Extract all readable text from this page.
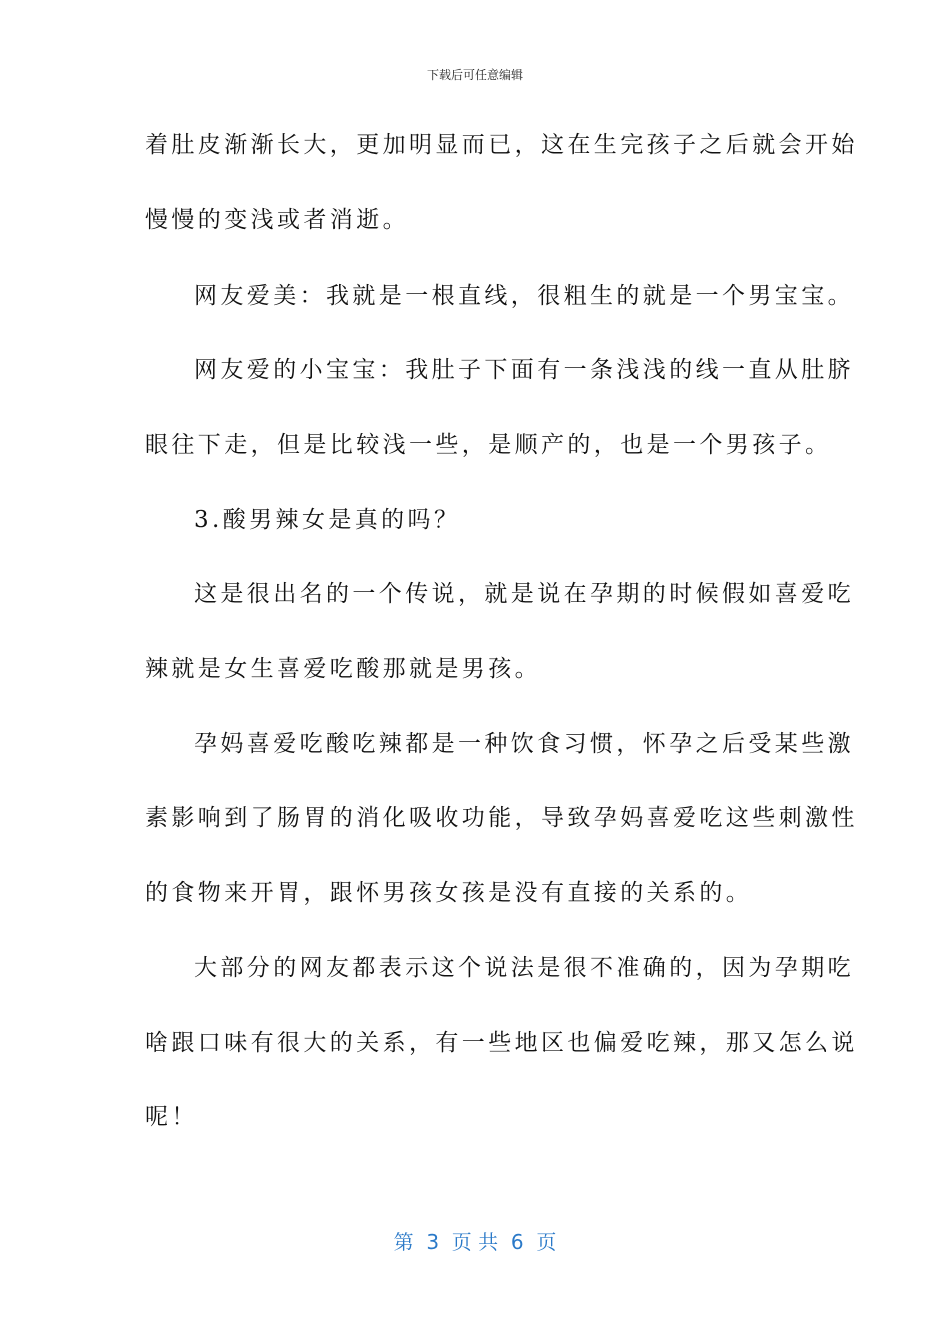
下载后可任意编辑
着肚皮渐渐长大，更加明显而已，这在生完孩子之后就会开始
慢慢的变浅或者消逝。
网友爱美：我就是一根直线，很粗生的就是一个男宝宝。
网友爱的小宝宝：我肚子下面有一条浅浅的线一直从肚脐
眼往下走，但是比较浅一些，是顺产的，也是一个男孩子。
3.酸男辣女是真的吗？
这是很出名的一个传说，就是说在孕期的时候假如喜爱吃
辣就是女生喜爱吃酸那就是男孩。
孕妈喜爱吃酸吃辣都是一种饮食习惯，怀孕之后受某些激
素影响到了肠胃的消化吸收功能，导致孕妈喜爱吃这些刺激性
的食物来开胃，跟怀男孩女孩是没有直接的关系的。
大部分的网友都表示这个说法是很不准确的，因为孕期吃
啥跟口味有很大的关系，有一些地区也偏爱吃辣，那又怎么说
呢！
第  3  页 共  6  页
